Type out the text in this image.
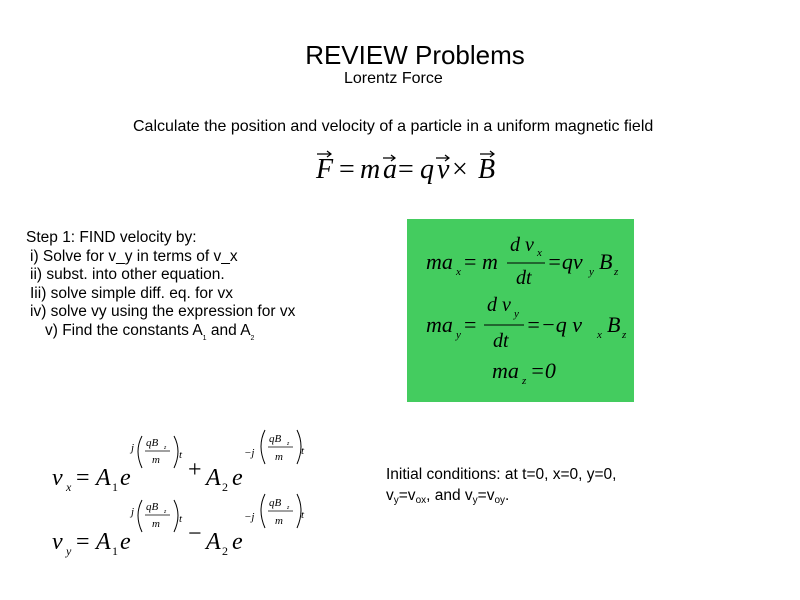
REVIEW Problems
Lorentz Force
Calculate the position and velocity of a particle in a uniform magnetic field
F = m a = q v × B
Step 1: FIND velocity by:
i) Solve for v_y in terms of v_x
ii) subst. into other equation.
Iii) solve simple diff. eq. for vx
iv) solve vy using the expression for vx
v) Find the constants $A_1$ and $A_2$
ma x = m
d v x
dt
=qv y B z
ma y =
d v y
dt
=−q v x B z
ma z =0
v x = A 1 e
j qB z
m t
+ A 2 e
−j
qB z
m t
v y = A 1 e
j qB z
m t
− A 2 e
−j
qB z
m t
Initial conditions: at t=0, x=0, y=0,
$v_y=v_{ox}$, and $v_y=v_{oy}$.
